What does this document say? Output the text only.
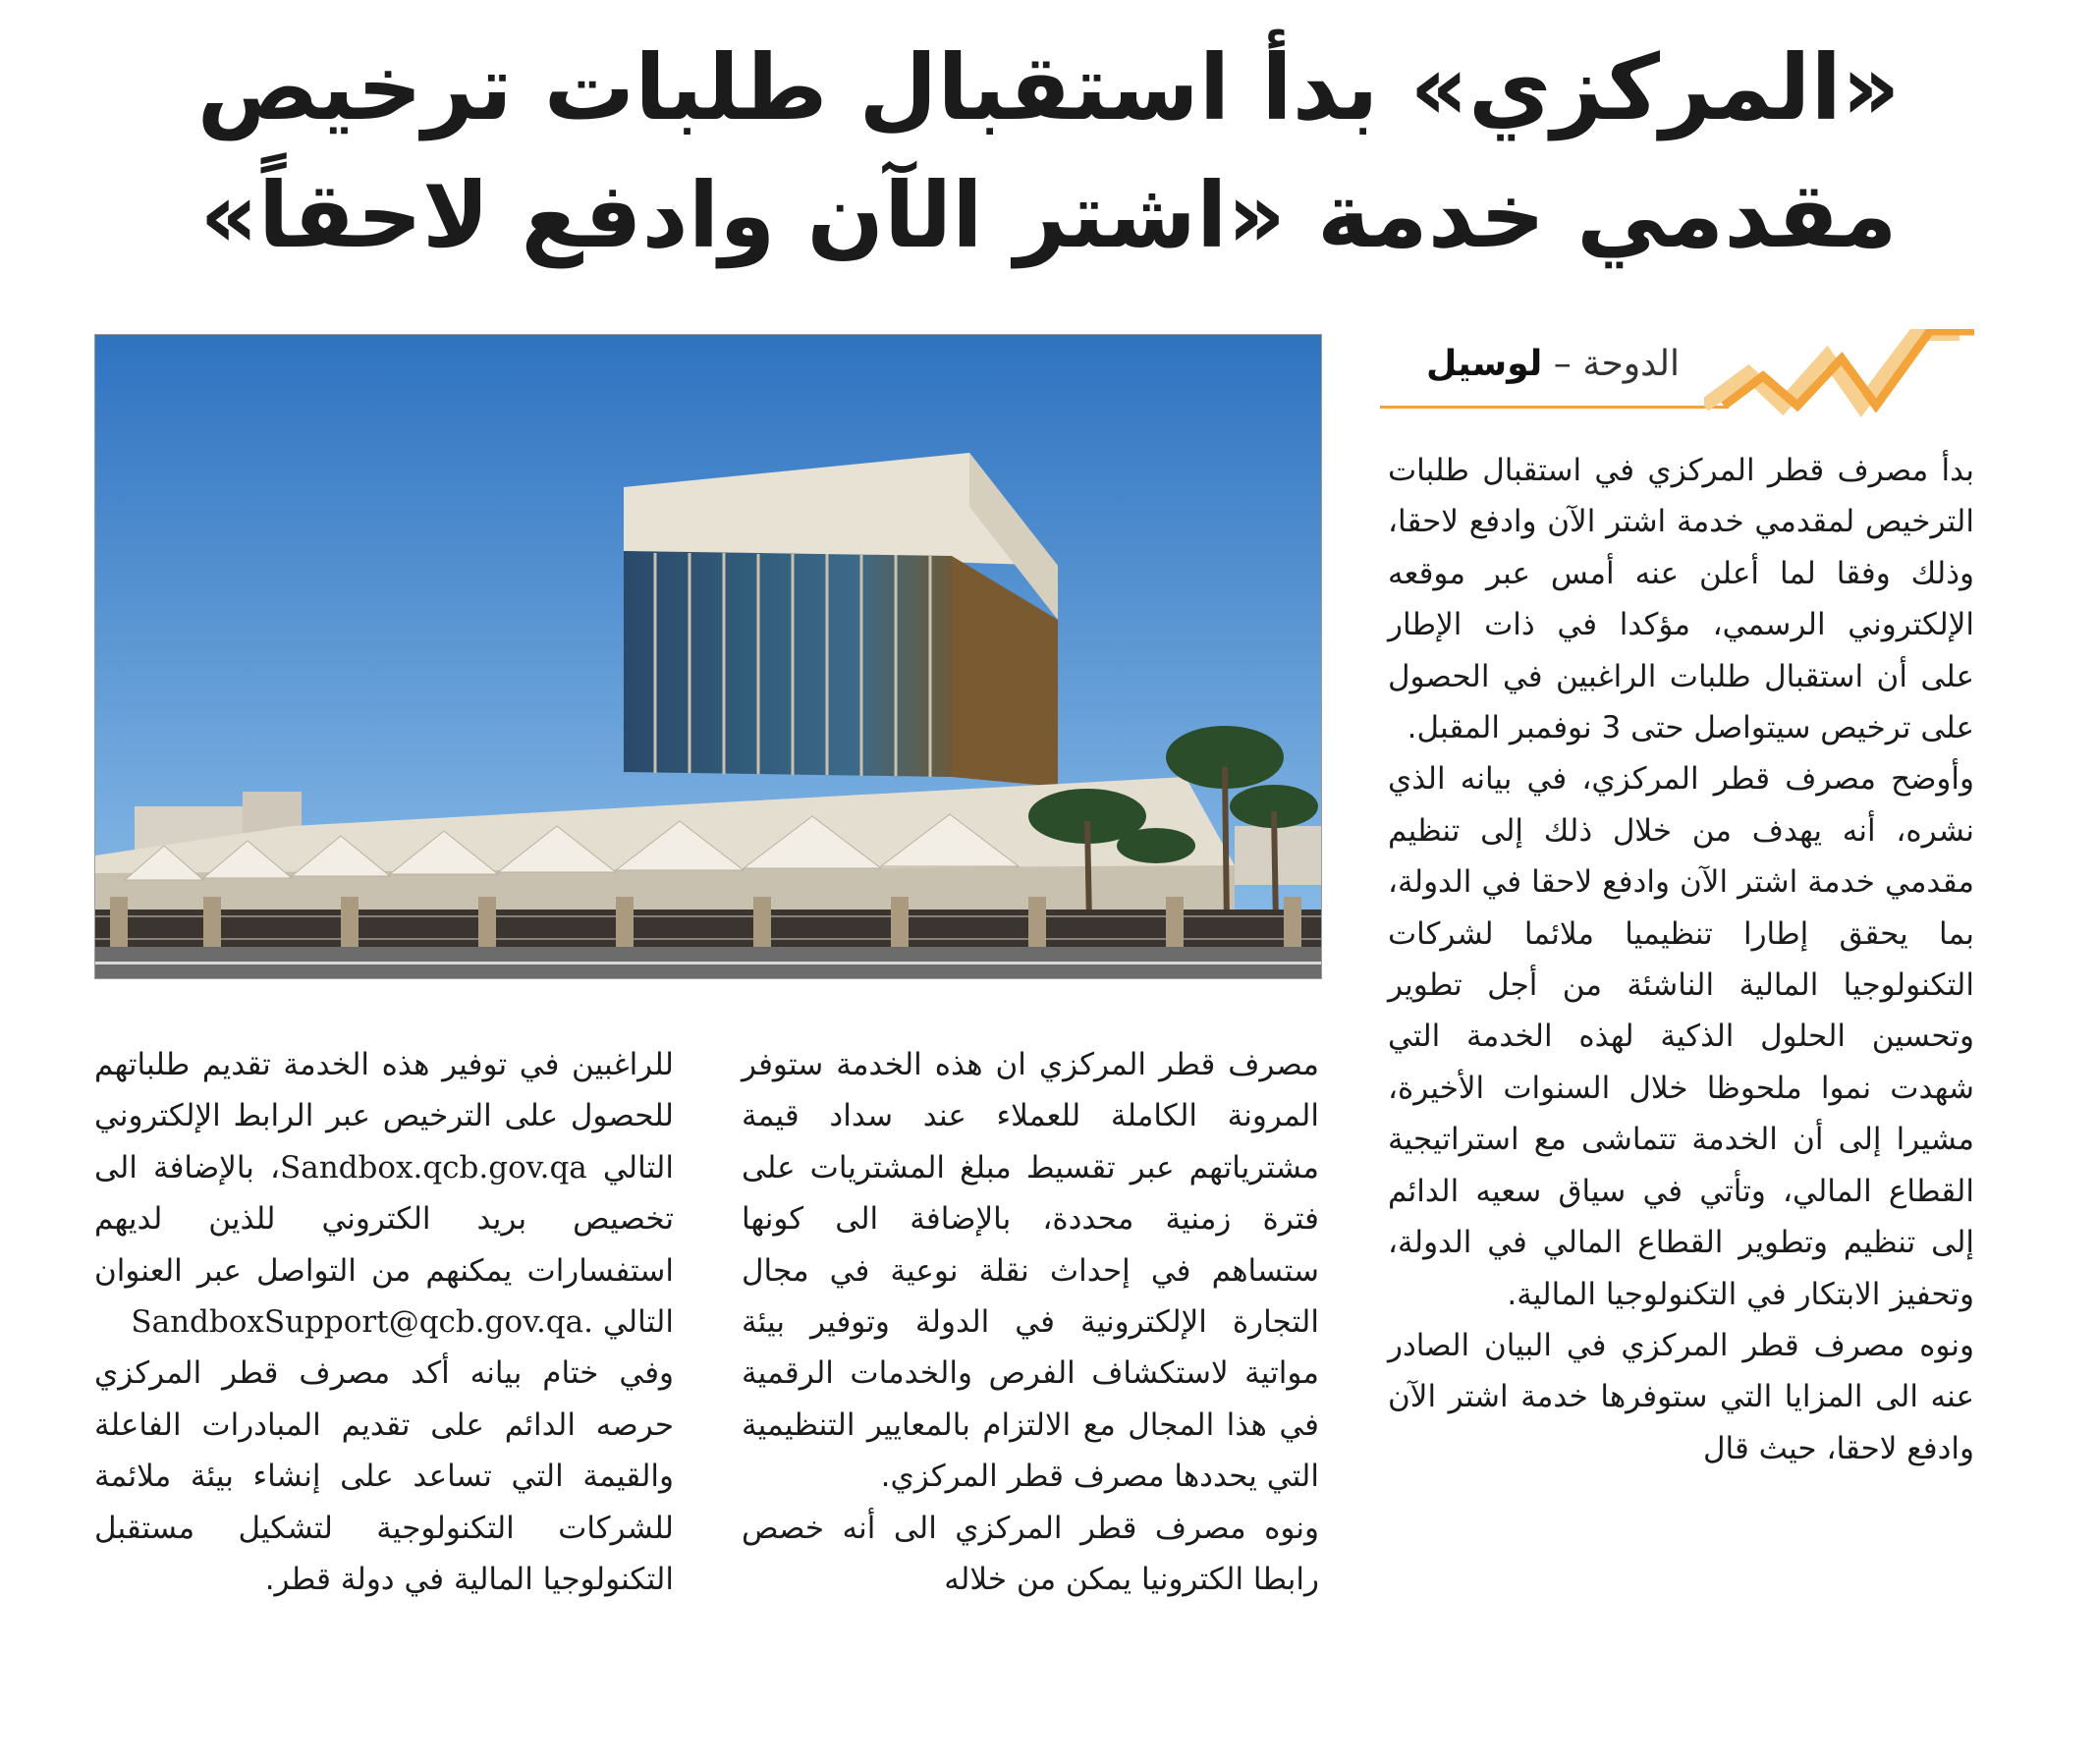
«المركزي» بدأ استقبال طلبات ترخيص
مقدمي خدمة «اشتر الآن وادفع لاحقاً»
الدوحة – لوسيل

بدأ مصرف قطر المركزي في استقبال طلبات الترخيص لمقدمي خدمة اشتر الآن وادفع لاحقا، وذلك وفقا لما أعلن عنه أمس عبر موقعه الإلكتروني الرسمي، مؤكدا في ذات الإطار على أن استقبال طلبات الراغبين في الحصول على ترخيص سيتواصل حتى 3 نوفمبر المقبل.

وأوضح مصرف قطر المركزي، في بيانه الذي نشره، أنه يهدف من خلال ذلك إلى تنظيم مقدمي خدمة اشتر الآن وادفع لاحقا في الدولة، بما يحقق إطارا تنظيميا ملائما لشركات التكنولوجيا المالية الناشئة من أجل تطوير وتحسين الحلول الذكية لهذه الخدمة التي شهدت نموا ملحوظا خلال السنوات الأخيرة، مشيرا إلى أن الخدمة تتماشى مع استراتيجية القطاع المالي، وتأتي في سياق سعيه الدائم إلى تنظيم وتطوير القطاع المالي في الدولة، وتحفيز الابتكار في التكنولوجيا المالية.

ونوه مصرف قطر المركزي في البيان الصادر عنه الى المزايا التي ستوفرها خدمة اشتر الآن وادفع لاحقا، حيث قال

مصرف قطر المركزي ان هذه الخدمة ستوفر المرونة الكاملة للعملاء عند سداد قيمة مشترياتهم عبر تقسيط مبلغ المشتريات على فترة زمنية محددة، بالإضافة الى كونها ستساهم في إحداث نقلة نوعية في مجال التجارة الإلكترونية في الدولة وتوفير بيئة مواتية لاستكشاف الفرص والخدمات الرقمية في هذا المجال مع الالتزام بالمعايير التنظيمية التي يحددها مصرف قطر المركزي.

ونوه مصرف قطر المركزي الى أنه خصص رابطا الكترونيا يمكن من خلاله

للراغبين في توفير هذه الخدمة تقديم طلباتهم للحصول على الترخيص عبر الرابط الإلكتروني التالي Sandbox.qcb.gov.qa، بالإضافة الى تخصيص بريد الكتروني للذين لديهم استفسارات يمكنهم من التواصل عبر العنوان التالي SandboxSupport@qcb.gov.qa.

وفي ختام بيانه أكد مصرف قطر المركزي حرصه الدائم على تقديم المبادرات الفاعلة والقيمة التي تساعد على إنشاء بيئة ملائمة للشركات التكنولوجية لتشكيل مستقبل التكنولوجيا المالية في دولة قطر.
